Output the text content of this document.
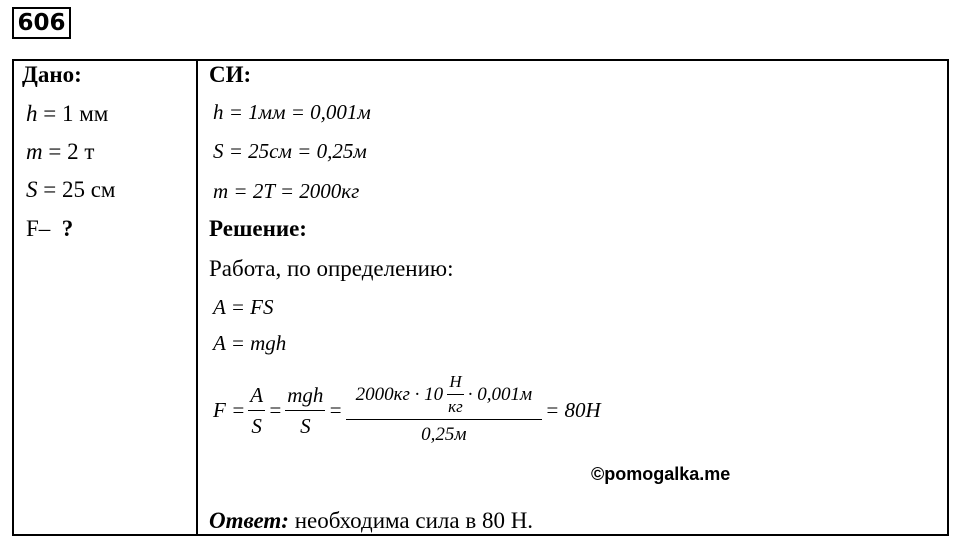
606
Дано:
h = 1 мм
m = 2 т
S = 25 см
F– ?
СИ:
h = 1мм = 0,001м
S = 25см = 0,25м
m = 2T = 2000кг
Решение:
Работа, по определению:
A = FS
A = mgh
$F = \frac{A}{S}$ =
mgh
S
=
2000кг · 10
H
кг
· 0,001м
0,25м
= 80H
©pomogalka.me
Ответ: необходима сила в 80 Н.
